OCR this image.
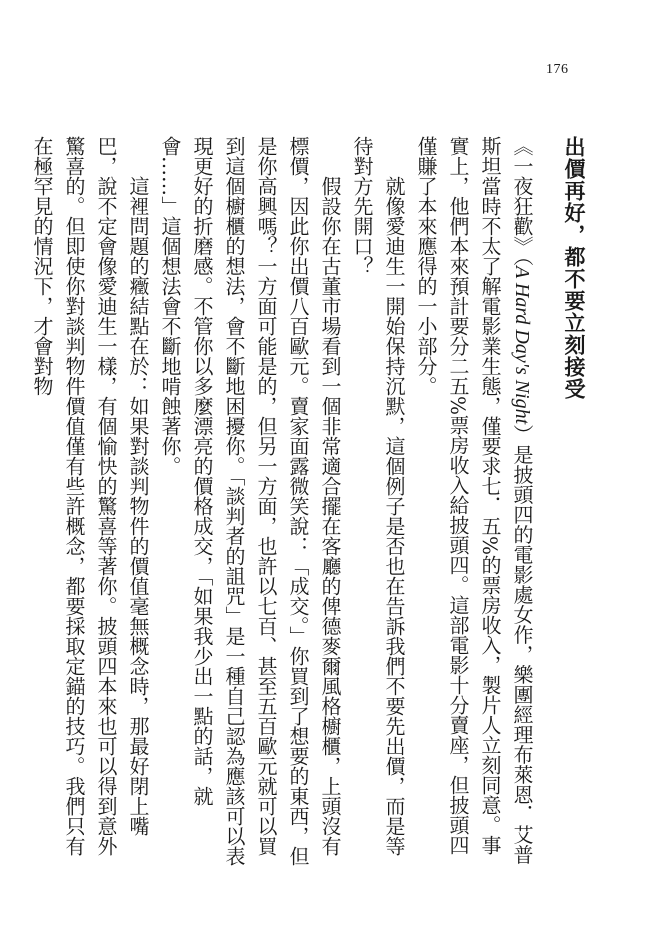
176
出價再好，都不要立刻接受

《一夜狂歡》（A Hard Day's Night）是披頭四的電影處女作，樂團經理布萊恩．艾普斯坦當時不太了解電影業生態，僅要求七．五%的票房收入，製片人立刻同意。事實上，他們本來預計要分二五%票房收入給披頭四。這部電影十分賣座，但披頭四僅賺了本來應得的一小部分。

就像愛迪生一開始保持沉默，這個例子是否也在告訴我們不要先出價，而是等待對方先開口？

假設你在古董市場看到一個非常適合擺在客廳的俾德麥爾風格櫥櫃，上頭沒有標價，因此你出價八百歐元。賣家面露微笑說：「成交。」你買到了想要的東西，但是你高興嗎？一方面可能是的，但另一方面，也許以七百、甚至五百歐元就可以買到這個櫥櫃的想法，會不斷地困擾你。「談判者的詛咒」是一種自己認為應該可以表現更好的折磨感。不管你以多麼漂亮的價格成交，「如果我少出一點的話，就會……」這個想法會不斷地啃蝕著你。

這裡問題的癥結點在於：如果對談判物件的價值毫無概念時，那最好閉上嘴巴，說不定會像愛迪生一樣，有個愉快的驚喜等著你。披頭四本來也可以得到意外驚喜的。但即使你對談判物件價值僅有些許概念，都要採取定錨的技巧。我們只有在極罕見的情況下，才會對物
